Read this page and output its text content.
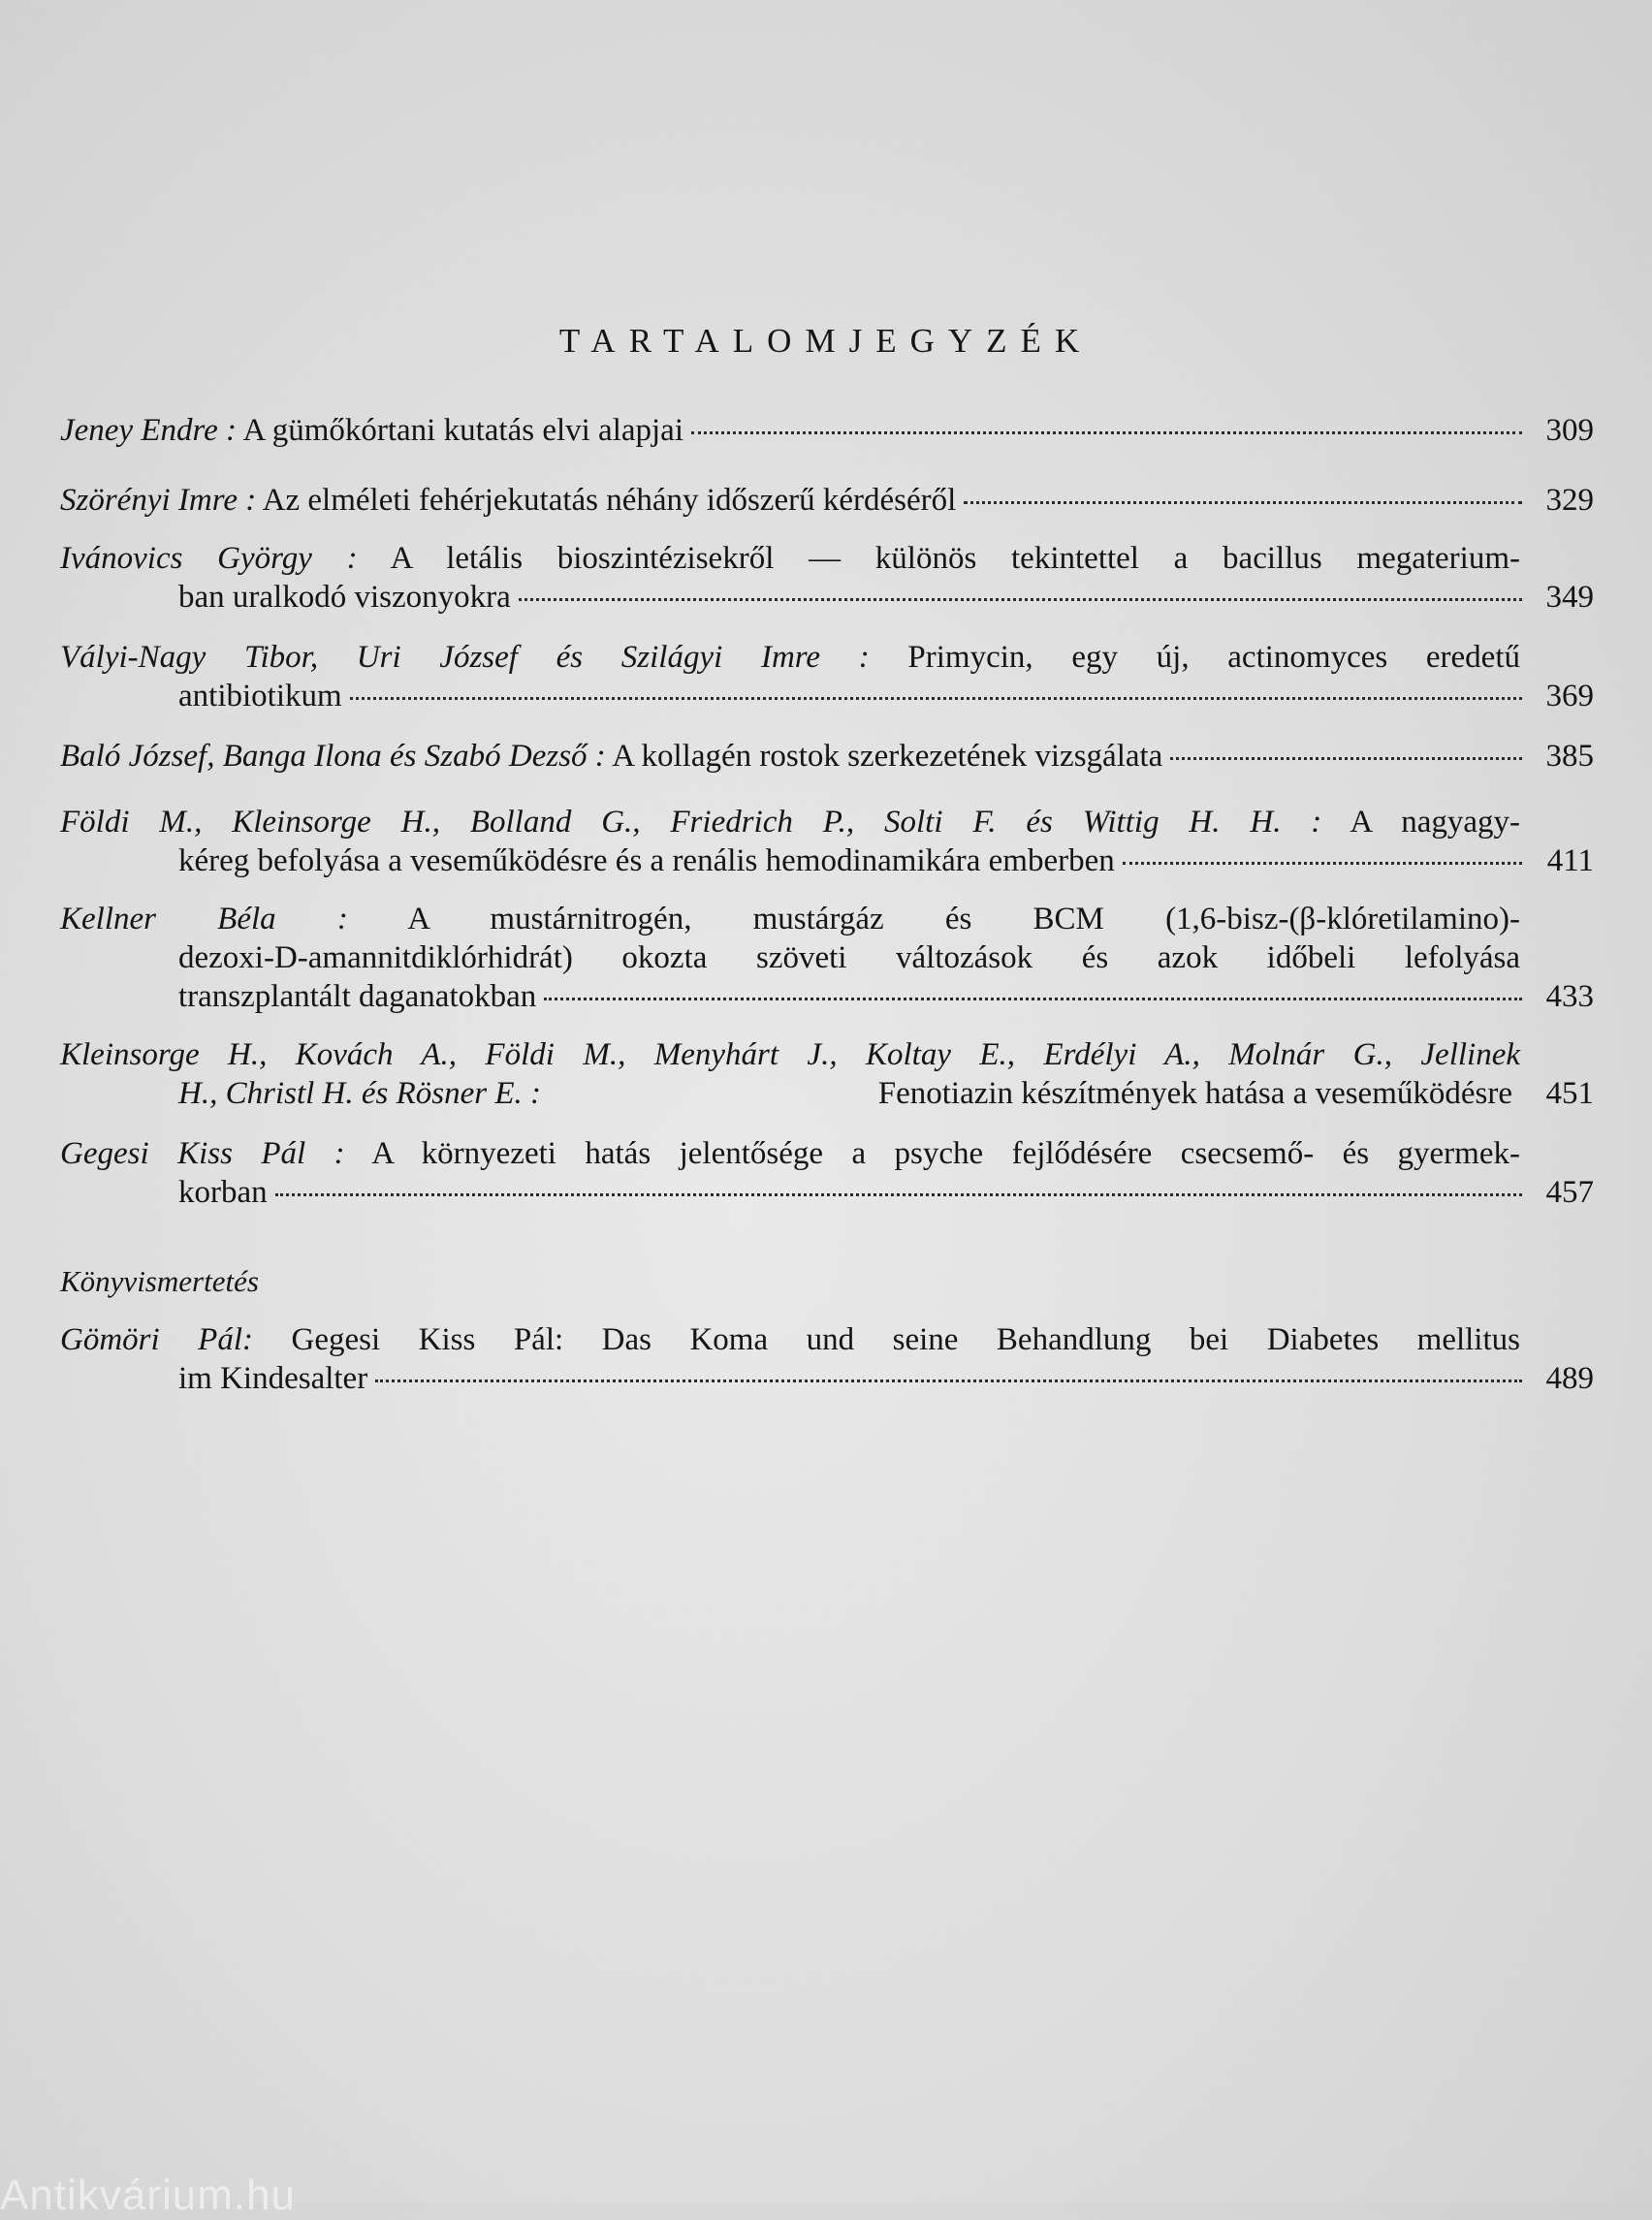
TARTALOMJEGYZÉK
Jeney Endre : A gümőkórtani kutatás elvi alapjai	309
Szörényi Imre : Az elméleti fehérjekutatás néhány időszerű kérdéséről	329
Ivánovics György : A letális bioszintézisekről — különös tekintettel a bacillus megaterium-
ban uralkodó viszonyokra	349
Vályi-Nagy Tibor, Uri József és Szilágyi Imre : Primycin, egy új, actinomyces eredetű
antibiotikum	369
Baló József, Banga Ilona és Szabó Dezső : A kollagén rostok szerkezetének vizsgálata	385
Földi M., Kleinsorge H., Bolland G., Friedrich P., Solti F. és Wittig H. H. : A nagyagy-
kéreg befolyása a veseműködésre és a renális hemodinamikára emberben	411
Kellner Béla : A mustárnitrogén, mustárgáz és BCM (1,6-bisz-(β-klóretilamino)-
dezoxi-D-amannitdiklórhidrát) okozta szöveti változások és azok időbeli lefolyása
transzplantált daganatokban	433
Kleinsorge H., Kovách A., Földi M., Menyhárt J., Koltay E., Erdélyi A., Molnár G., Jellinek
H., Christl H. és Rösner E. :	Fenotiazin készítmények hatása a veseműködésre	451
Gegesi Kiss Pál : A környezeti hatás jelentősége a psyche fejlődésére csecsemő- és gyermek-
korban	457
Gömöri Pál: Gegesi Kiss Pál: Das Koma und seine Behandlung bei Diabetes mellitus
im Kindesalter	489
Könyvismertetés
Antikvárium.hu
